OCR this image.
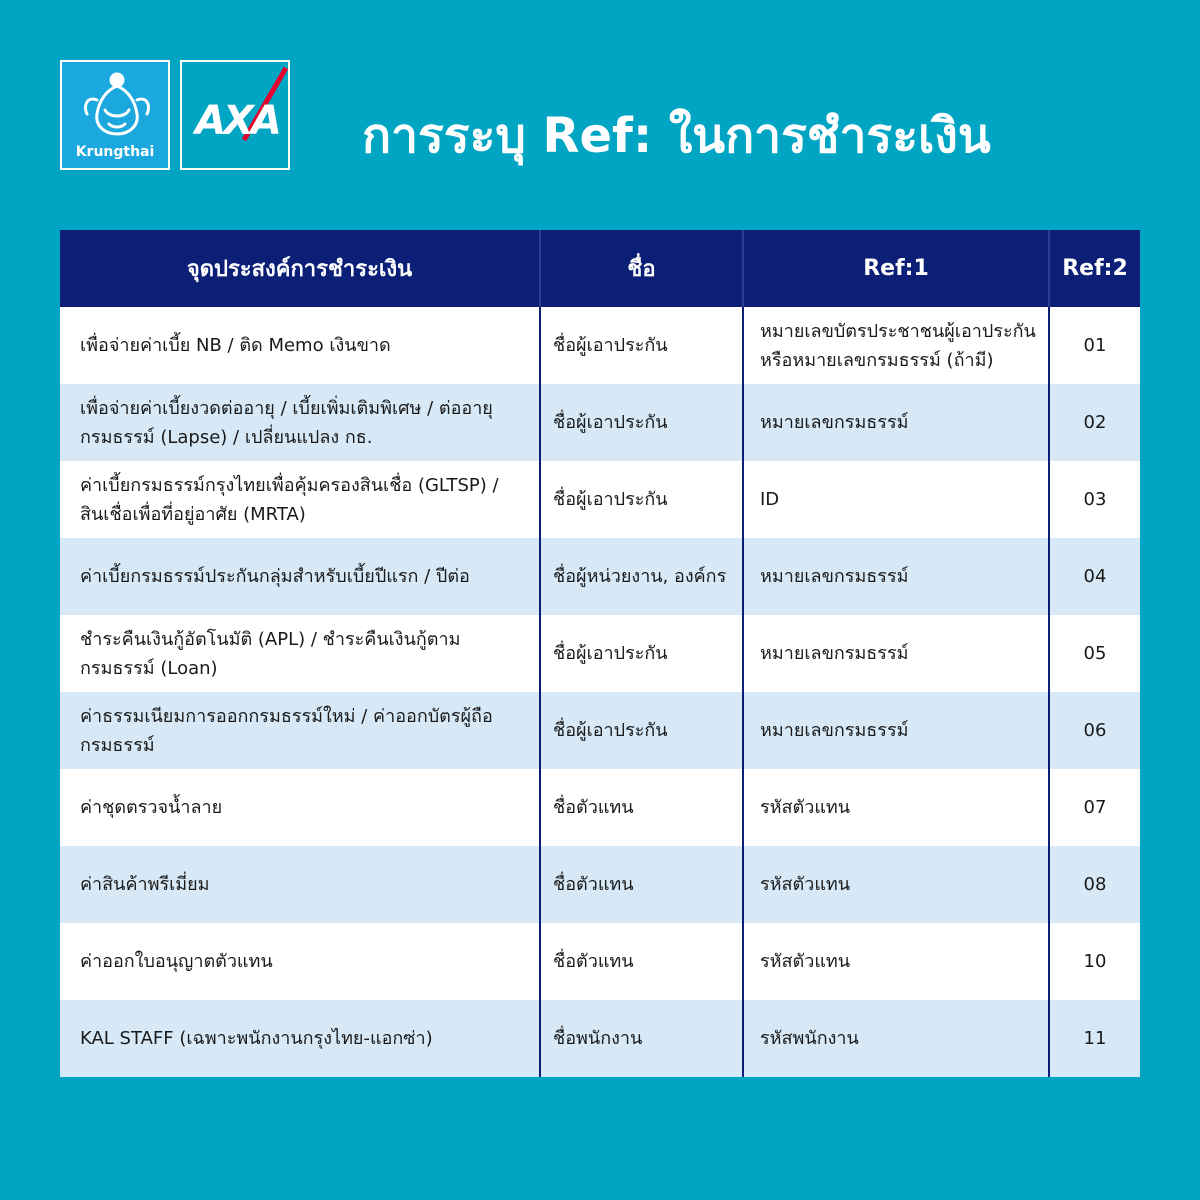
Krungthai
AXA การระบุ Ref: ในการชำระเงิน
จุดประสงค์การชำระเงิน	ชื่อ	Ref:1	Ref:2
เพื่อจ่ายค่าเบี้ย NB / ติด Memo เงินขาด	ชื่อผู้เอาประกัน	หมายเลขบัตรประชาชนผู้เอาประกัน หรือหมายเลขกรมธรรม์ (ถ้ามี)	01
เพื่อจ่ายค่าเบี้ยงวดต่ออายุ / เบี้ยเพิ่มเติมพิเศษ / ต่ออายุกรมธรรม์ (Lapse) / เปลี่ยนแปลง กธ.	ชื่อผู้เอาประกัน	หมายเลขกรมธรรม์	02
ค่าเบี้ยกรมธรรม์กรุงไทยเพื่อคุ้มครองสินเชื่อ (GLTSP) / สินเชื่อเพื่อที่อยู่อาศัย (MRTA)	ชื่อผู้เอาประกัน	ID	03
ค่าเบี้ยกรมธรรม์ประกันกลุ่มสำหรับเบี้ยปีแรก / ปีต่อ	ชื่อผู้หน่วยงาน, องค์กร	หมายเลขกรมธรรม์	04
ชำระคืนเงินกู้อัตโนมัติ (APL) / ชำระคืนเงินกู้ตามกรมธรรม์ (Loan)	ชื่อผู้เอาประกัน	หมายเลขกรมธรรม์	05
ค่าธรรมเนียมการออกกรมธรรม์ใหม่ / ค่าออกบัตรผู้ถือกรมธรรม์	ชื่อผู้เอาประกัน	หมายเลขกรมธรรม์	06
ค่าชุดตรวจน้ำลาย	ชื่อตัวแทน	รหัสตัวแทน	07
ค่าสินค้าพรีเมี่ยม	ชื่อตัวแทน	รหัสตัวแทน	08
ค่าออกใบอนุญาตตัวแทน	ชื่อตัวแทน	รหัสตัวแทน	10
KAL STAFF (เฉพาะพนักงานกรุงไทย-แอกซ่า)	ชื่อพนักงาน	รหัสพนักงาน	11
